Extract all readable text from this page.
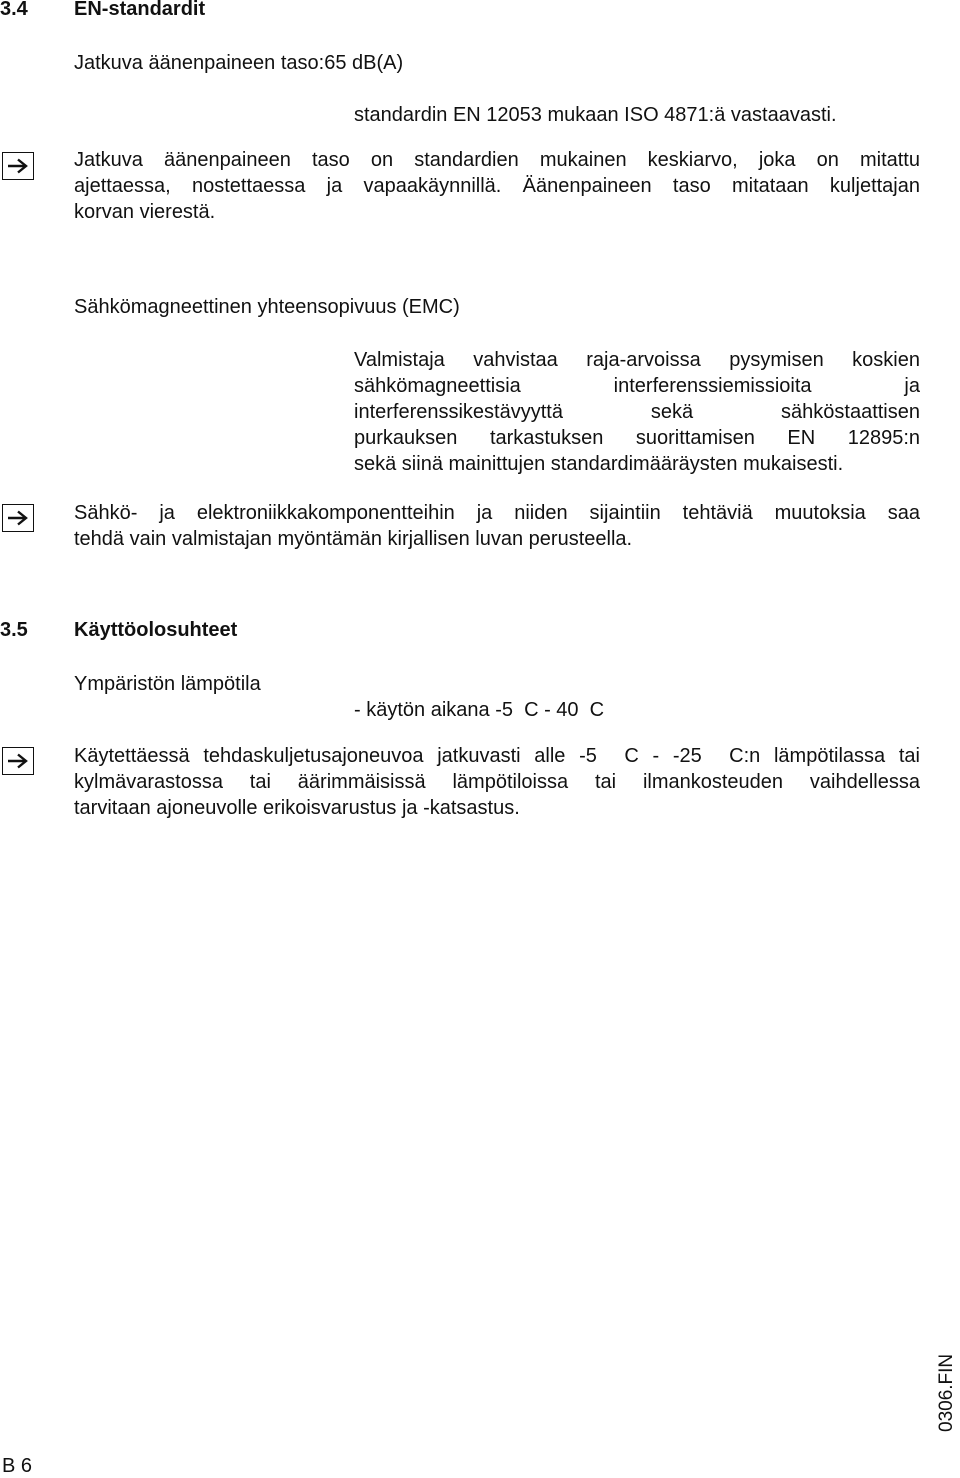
3.4 EN-standardit
Jatkuva äänenpaineen taso:65 dB(A)
standardin EN 12053 mukaan ISO 4871:ä vastaavasti.
Jatkuva äänenpaineen taso on standardien mukainen keskiarvo, joka on mitattu
ajettaessa, nostettaessa ja vapaakäynnillä. Äänenpaineen taso mitataan kuljettajan
korvan vierestä.
Sähkömagneettinen yhteensopivuus (EMC)
Valmistaja vahvistaa raja-arvoissa pysymisen koskien
sähkömagneettisia interferenssiemissioita ja
interferenssikestävyyttä sekä sähköstaattisen
purkauksen tarkastuksen suorittamisen EN 12895:n
sekä siinä mainittujen standardimääräysten mukaisesti.
Sähkö- ja elektroniikkakomponentteihin ja niiden sijaintiin tehtäviä muutoksia saa
tehdä vain valmistajan myöntämän kirjallisen luvan perusteella.
3.5 Käyttöolosuhteet
Ympäristön lämpötila
- käytön aikana -5  C - 40  C
Käytettäessä tehdaskuljetusajoneuvoa jatkuvasti alle -5  C - -25  C:n lämpötilassa tai
kylmävarastossa tai äärimmäisissä lämpötiloissa tai ilmankosteuden vaihdellessa
tarvitaan ajoneuvolle erikoisvarustus ja -katsastus.
0306.FIN
B 6
